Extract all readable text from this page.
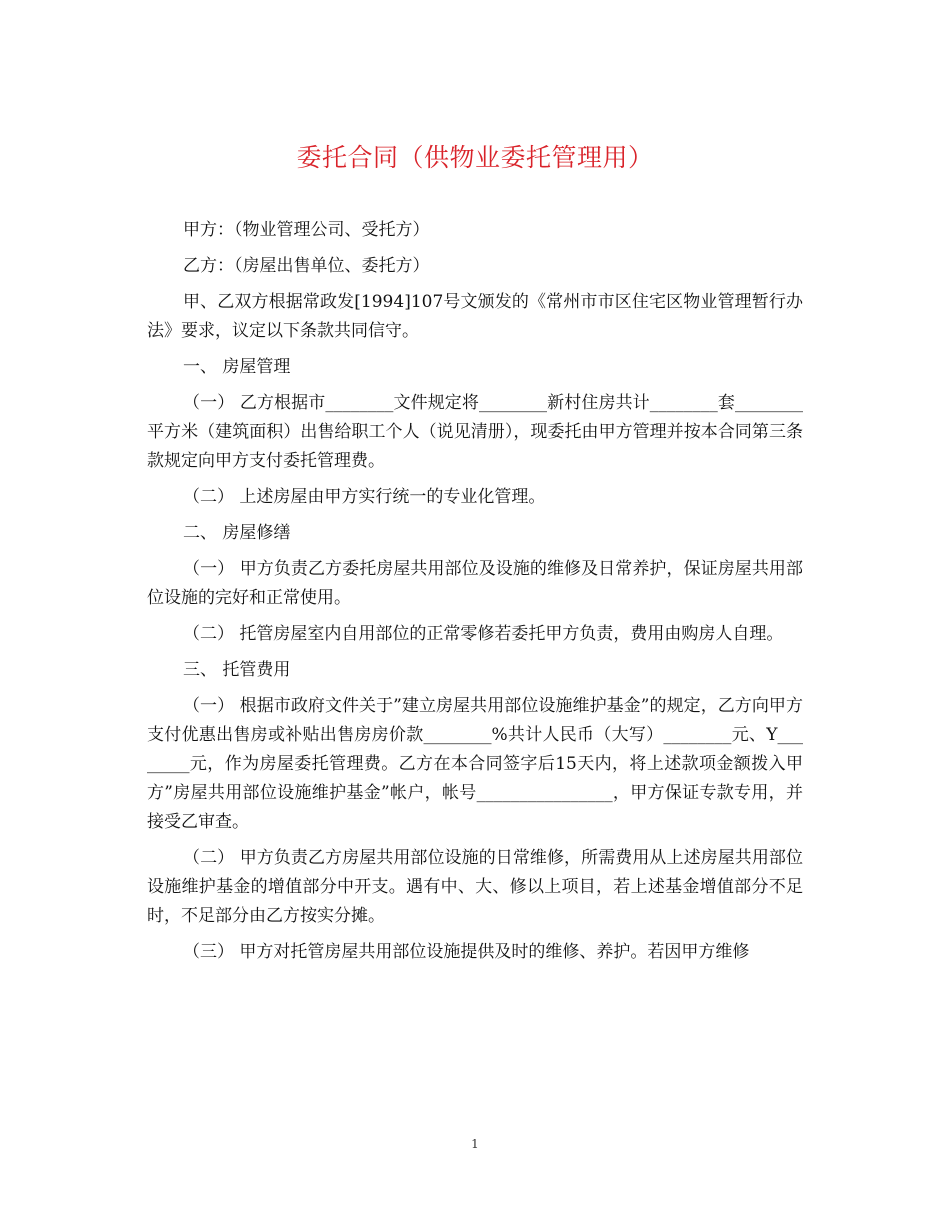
委托合同（供物业委托管理用）

甲方：（物业管理公司、受托方）

乙方：（房屋出售单位、委托方）

甲、乙双方根据常政发[1994]107号文颁发的《常州市市区住宅区物业管理暂行办法》要求，议定以下条款共同信守。

一、 房屋管理

（一） 乙方根据市________文件规定将________新村住房共计________套________平方米（建筑面积）出售给职工个人（说见清册），现委托由甲方管理并按本合同第三条款规定向甲方支付委托管理费。

（二） 上述房屋由甲方实行统一的专业化管理。

二、 房屋修缮

（一） 甲方负责乙方委托房屋共用部位及设施的维修及日常养护，保证房屋共用部位设施的完好和正常使用。

（二） 托管房屋室内自用部位的正常零修若委托甲方负责，费用由购房人自理。

三、 托管费用

（一） 根据市政府文件关于”建立房屋共用部位设施维护基金”的规定，乙方向甲方支付优惠出售房或补贴出售房房价款________%共计人民币（大写）________元、Y________元，作为房屋委托管理费。乙方在本合同签字后15天内，将上述款项金额拨入甲方”房屋共用部位设施维护基金”帐户，帐号________________，甲方保证专款专用，并接受乙审查。

（二） 甲方负责乙方房屋共用部位设施的日常维修，所需费用从上述房屋共用部位设施维护基金的增值部分中开支。遇有中、大、修以上项目，若上述基金增值部分不足时，不足部分由乙方按实分摊。

（三） 甲方对托管房屋共用部位设施提供及时的维修、养护。若因甲方维修

1
